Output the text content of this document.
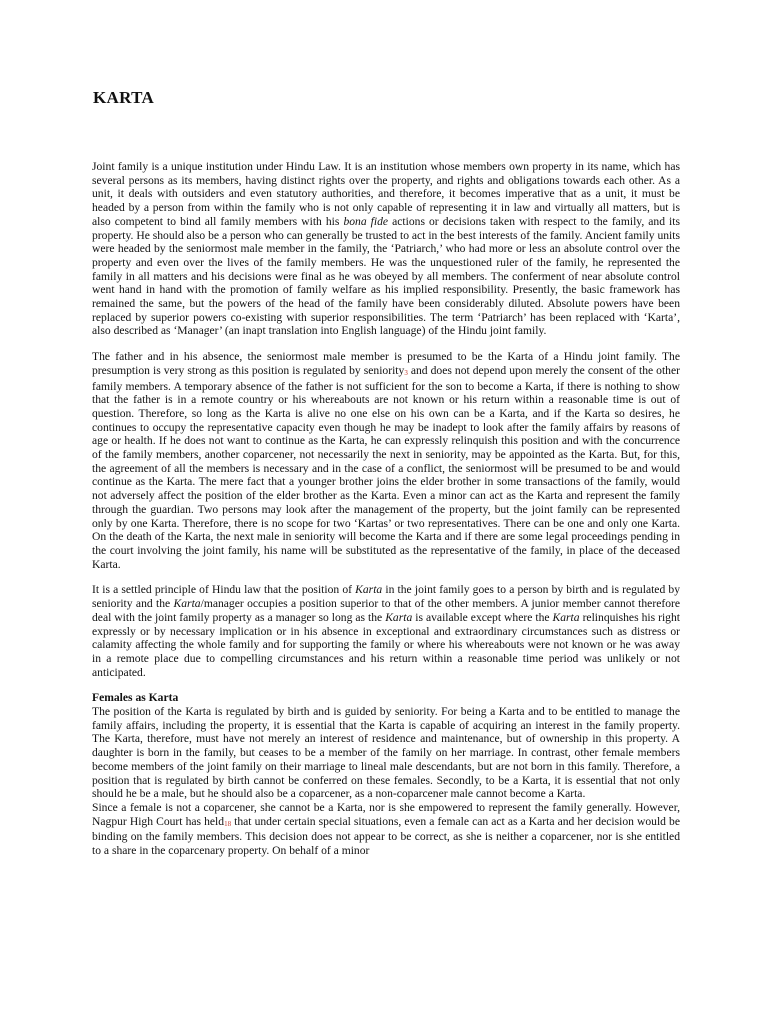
KARTA

Joint family is a unique institution under Hindu Law. It is an institution whose members own property in its name, which has several persons as its members, having distinct rights over the property, and rights and obligations towards each other. As a unit, it deals with outsiders and even statutory authorities, and therefore, it becomes imperative that as a unit, it must be headed by a person from within the family who is not only capable of representing it in law and virtually all matters, but is also competent to bind all family members with his bona fide actions or decisions taken with respect to the family, and its property. He should also be a person who can generally be trusted to act in the best interests of the family. Ancient family units were headed by the seniormost male member in the family, the ‘Patriarch,’ who had more or less an absolute control over the property and even over the lives of the family members. He was the unquestioned ruler of the family, he represented the family in all matters and his decisions were final as he was obeyed by all members. The conferment of near absolute control went hand in hand with the promotion of family welfare as his implied responsibility. Presently, the basic framework has remained the same, but the powers of the head of the family have been considerably diluted. Absolute powers have been replaced by superior powers co-existing with superior responsibilities. The term ‘Patriarch’ has been replaced with ‘Karta’, also described as ‘Manager’ (an inapt translation into English language) of the Hindu joint family.

The father and in his absence, the seniormost male member is presumed to be the Karta of a Hindu joint family. The presumption is very strong as this position is regulated by seniority$^3$ and does not depend upon merely the consent of the other family members. A temporary absence of the father is not sufficient for the son to become a Karta, if there is nothing to show that the father is in a remote country or his whereabouts are not known or his return within a reasonable time is out of question. Therefore, so long as the Karta is alive no one else on his own can be a Karta, and if the Karta so desires, he continues to occupy the representative capacity even though he may be inadept to look after the family affairs by reasons of age or health. If he does not want to continue as the Karta, he can expressly relinquish this position and with the concurrence of the family members, another coparcener, not necessarily the next in seniority, may be appointed as the Karta. But, for this, the agreement of all the members is necessary and in the case of a conflict, the seniormost will be presumed to be and would continue as the Karta. The mere fact that a younger brother joins the elder brother in some transactions of the family, would not adversely affect the position of the elder brother as the Karta. Even a minor can act as the Karta and represent the family through the guardian. Two persons may look after the management of the property, but the joint family can be represented only by one Karta. Therefore, there is no scope for two ‘Kartas’ or two representatives. There can be one and only one Karta. On the death of the Karta, the next male in seniority will become the Karta and if there are some legal proceedings pending in the court involving the joint family, his name will be substituted as the representative of the family, in place of the deceased Karta.

It is a settled principle of Hindu law that the position of Karta in the joint family goes to a person by birth and is regulated by seniority and the Karta/manager occupies a position superior to that of the other members. A junior member cannot therefore deal with the joint family property as a manager so long as the Karta is available except where the Karta relinquishes his right expressly or by necessary implication or in his absence in exceptional and extraordinary circumstances such as distress or calamity affecting the whole family and for supporting the family or where his whereabouts were not known or he was away in a remote place due to compelling circumstances and his return within a reasonable time period was unlikely or not anticipated.

Females as Karta

The position of the Karta is regulated by birth and is guided by seniority. For being a Karta and to be entitled to manage the family affairs, including the property, it is essential that the Karta is capable of acquiring an interest in the family property. The Karta, therefore, must have not merely an interest of residence and maintenance, but of ownership in this property. A daughter is born in the family, but ceases to be a member of the family on her marriage. In contrast, other female members become members of the joint family on their marriage to lineal male descendants, but are not born in this family. Therefore, a position that is regulated by birth cannot be conferred on these females. Secondly, to be a Karta, it is essential that not only should he be a male, but he should also be a coparcener, as a non-coparcener male cannot become a Karta.

Since a female is not a coparcener, she cannot be a Karta, nor is she empowered to represent the family generally. However, Nagpur High Court has held$^{18}$ that under certain special situations, even a female can act as a Karta and her decision would be binding on the family members. This decision does not appear to be correct, as she is neither a coparcener, nor is she entitled to a share in the coparcenary property. On behalf of a minor
